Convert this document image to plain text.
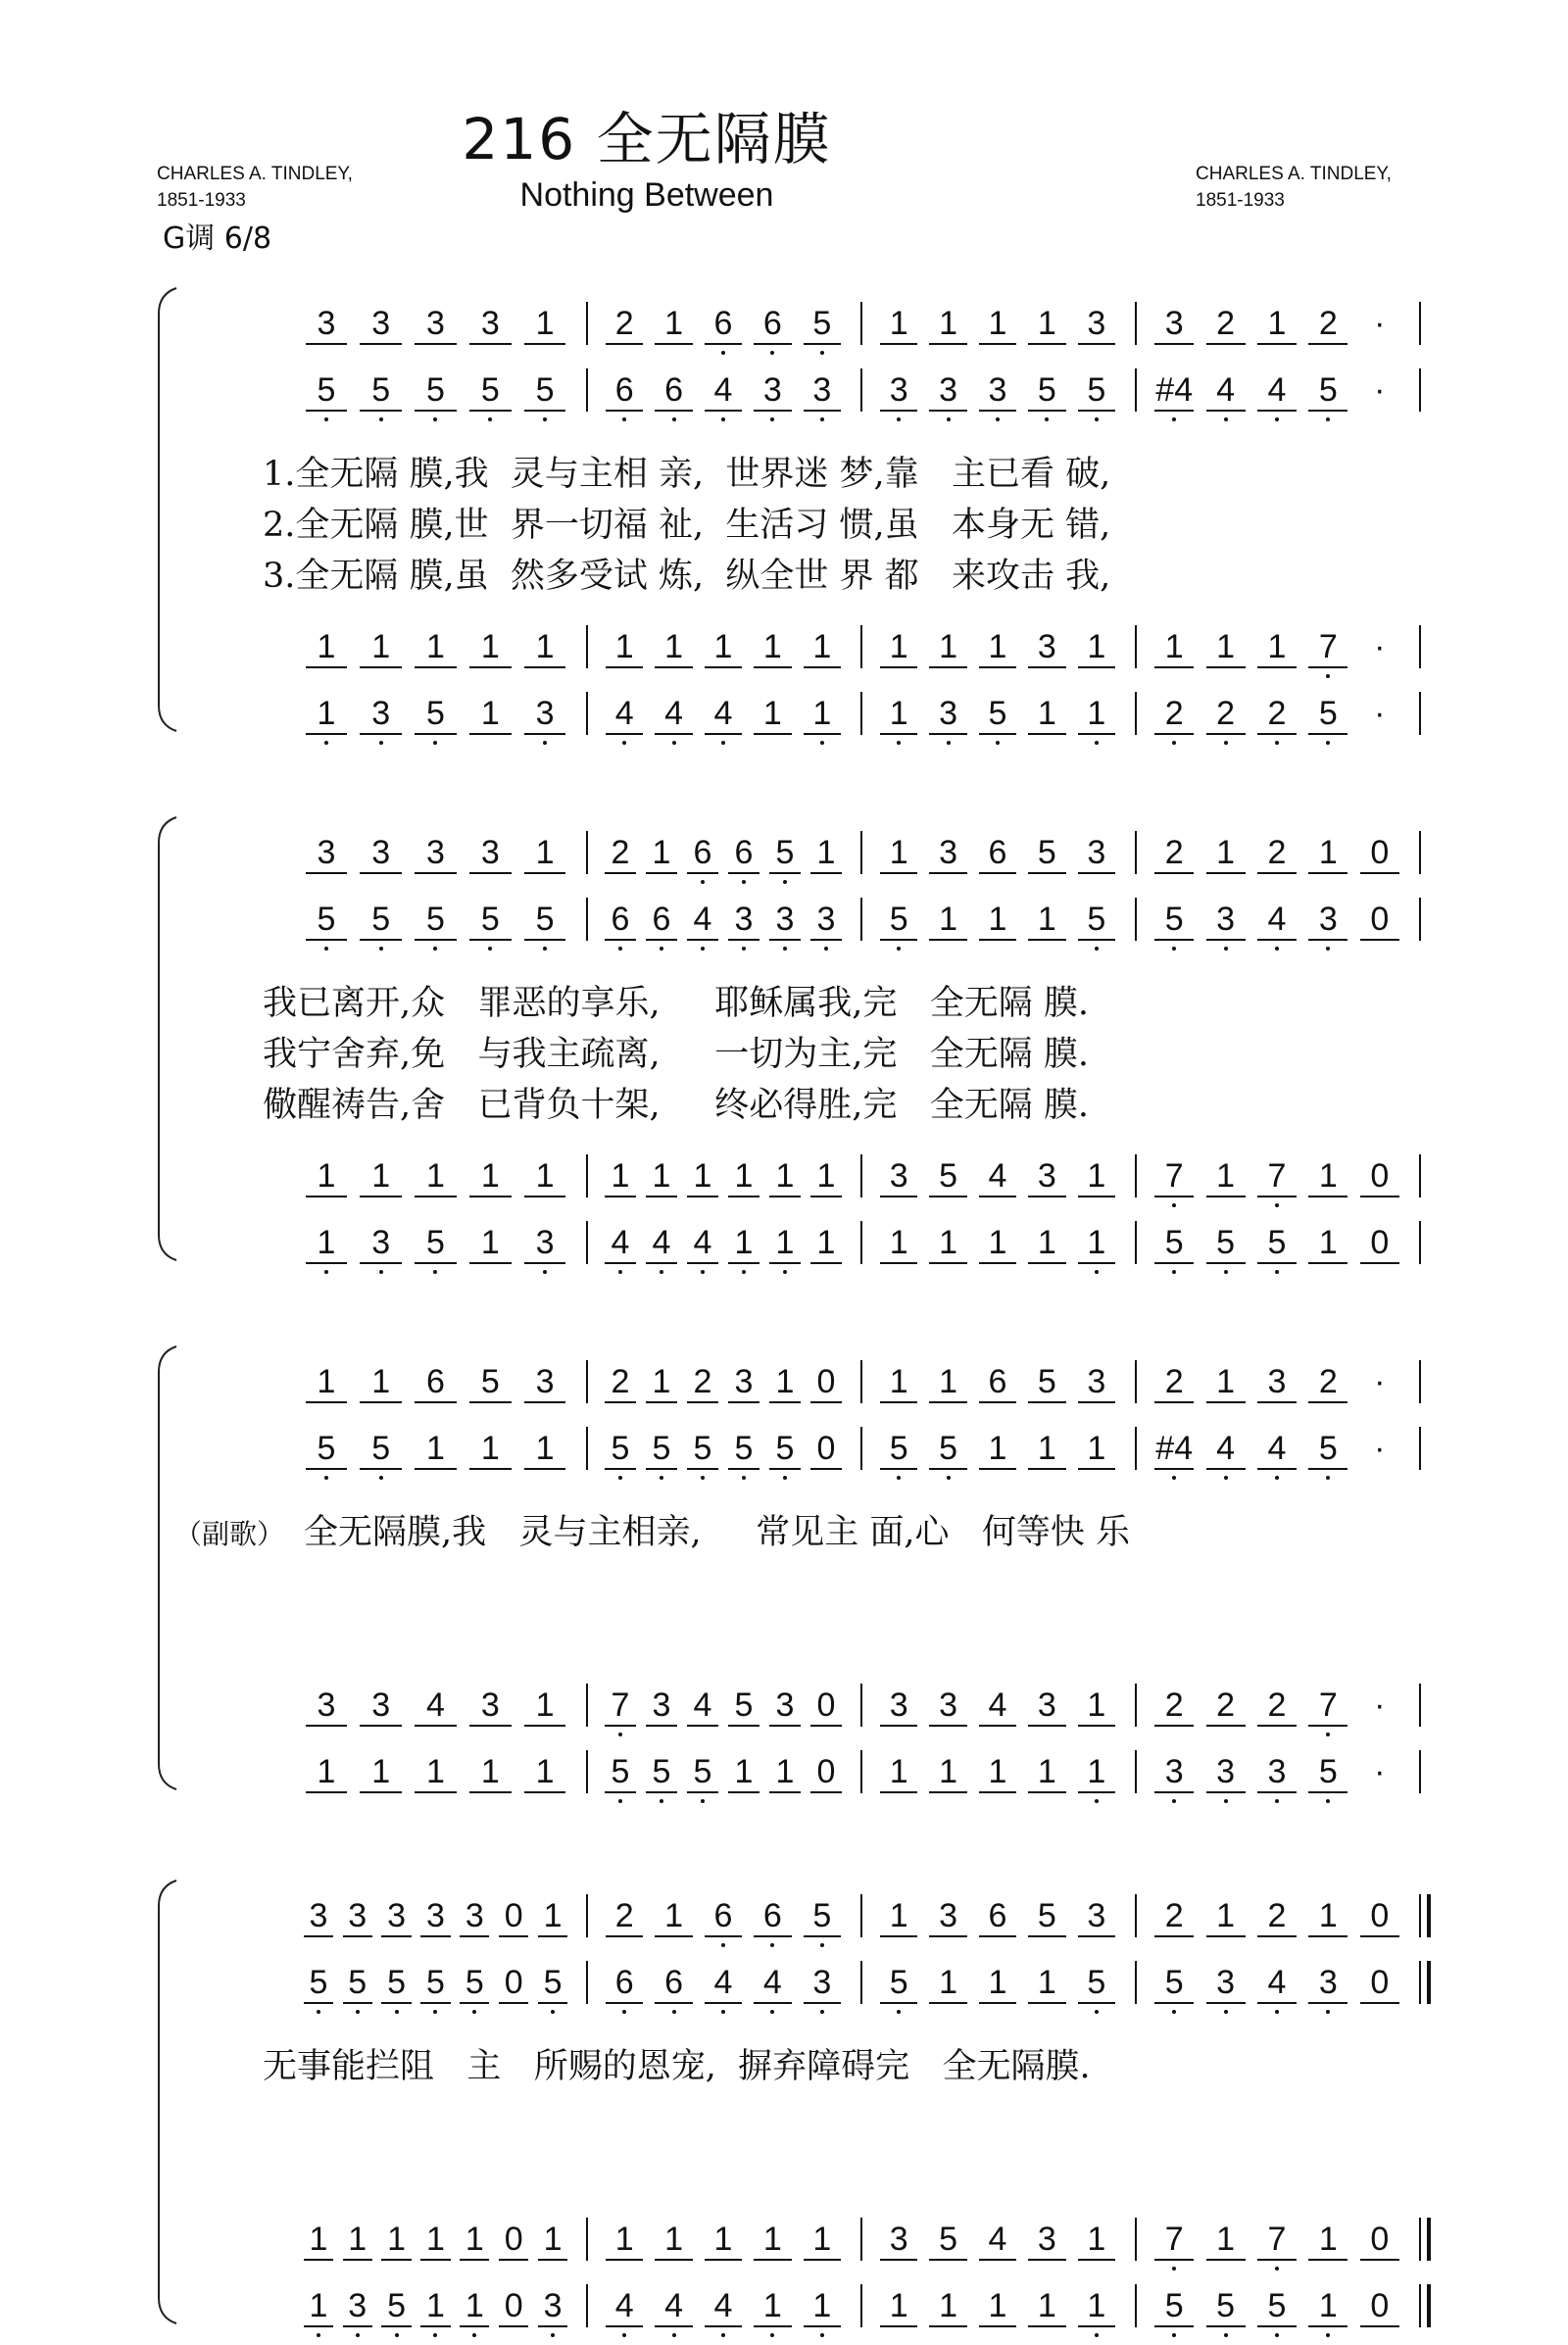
216 全无隔膜
Nothing Between
CHARLES A. TINDLEY,
1851-1933
CHARLES A. TINDLEY,
1851-1933
G调 6/8
3	3	3	3	1	2 1 6 6 5	1 1 1 1 3	3 2 1 2	·
5	5	5	5	5	6 6 4 3 3	3 3 3 5 5	#4 4 4 5	·
1.全无隔 膜,我  灵与主相 亲,  世界迷 梦,靠   主已看 破,
2.全无隔 膜,世  界一切福 祉,  生活习 惯,虽   本身无 错,
3.全无隔 膜,虽  然多受试 炼,  纵全世 界 都   来攻击 我,
1	1	1	1	1	1 1 1 1 1	1 1 1 3 1	1 1 1 7	·
1	3	5	1	3	4 4 4 1 1	1 3 5 1 1	2 2 2 5	·
3	3	3	3	1	2 1 6 6 5 1	1 3 6 5 3	2 1 2 1 0
5	5	5	5	5	6 6 4 3 3 3	5 1 1 1 5	5 3 4 3 0
我已离开,众   罪恶的享乐,     耶稣属我,完   全无隔 膜.
我宁舍弃,免   与我主疏离,     一切为主,完   全无隔 膜.
儆醒祷告,舍   已背负十架,     终必得胜,完   全无隔 膜.
1	1	1	1	1	1 1 1 1 1 1	3 5 4 3 1	7 1 7 1 0
1	3	5	1	3	4 4 4 1 1 1	1 1 1 1 1	5 5 5 1 0
1	1	6	5	3	2 1 2 3 1 0	1 1 6 5 3	2 1 3 2	·
5	5	1	1	1	5 5 5 5 5 0	5 5 1 1 1	#4 4 4 5	·
全无隔膜,我   灵与主相亲,     常见主 面,心   何等快 乐
（副歌）
3	3	4	3	1	7 3 4 5 3 0	3 3 4 3 1	2 2 2 7	·
1	1	1	1	1	5 5 5 1 1 0	1 1 1 1 1	3 3 3 5	·
3 3 3 3 3 0 1	2 1 6 6 5	1 3 6 5 3	2 1 2 1 0
5 5 5 5 5 0 5	6 6 4 4 3	5 1 1 1 5	5 3 4 3 0
无事能拦阻   主   所赐的恩宠,  摒弃障碍完   全无隔膜.
1 1 1 1 1 0 1	1 1 1 1 1	3 5 4 3 1	7 1 7 1 0
1 3 5 1 1 0 3	4 4 4 1 1	1 1 1 1 1	5 5 5 1 0
